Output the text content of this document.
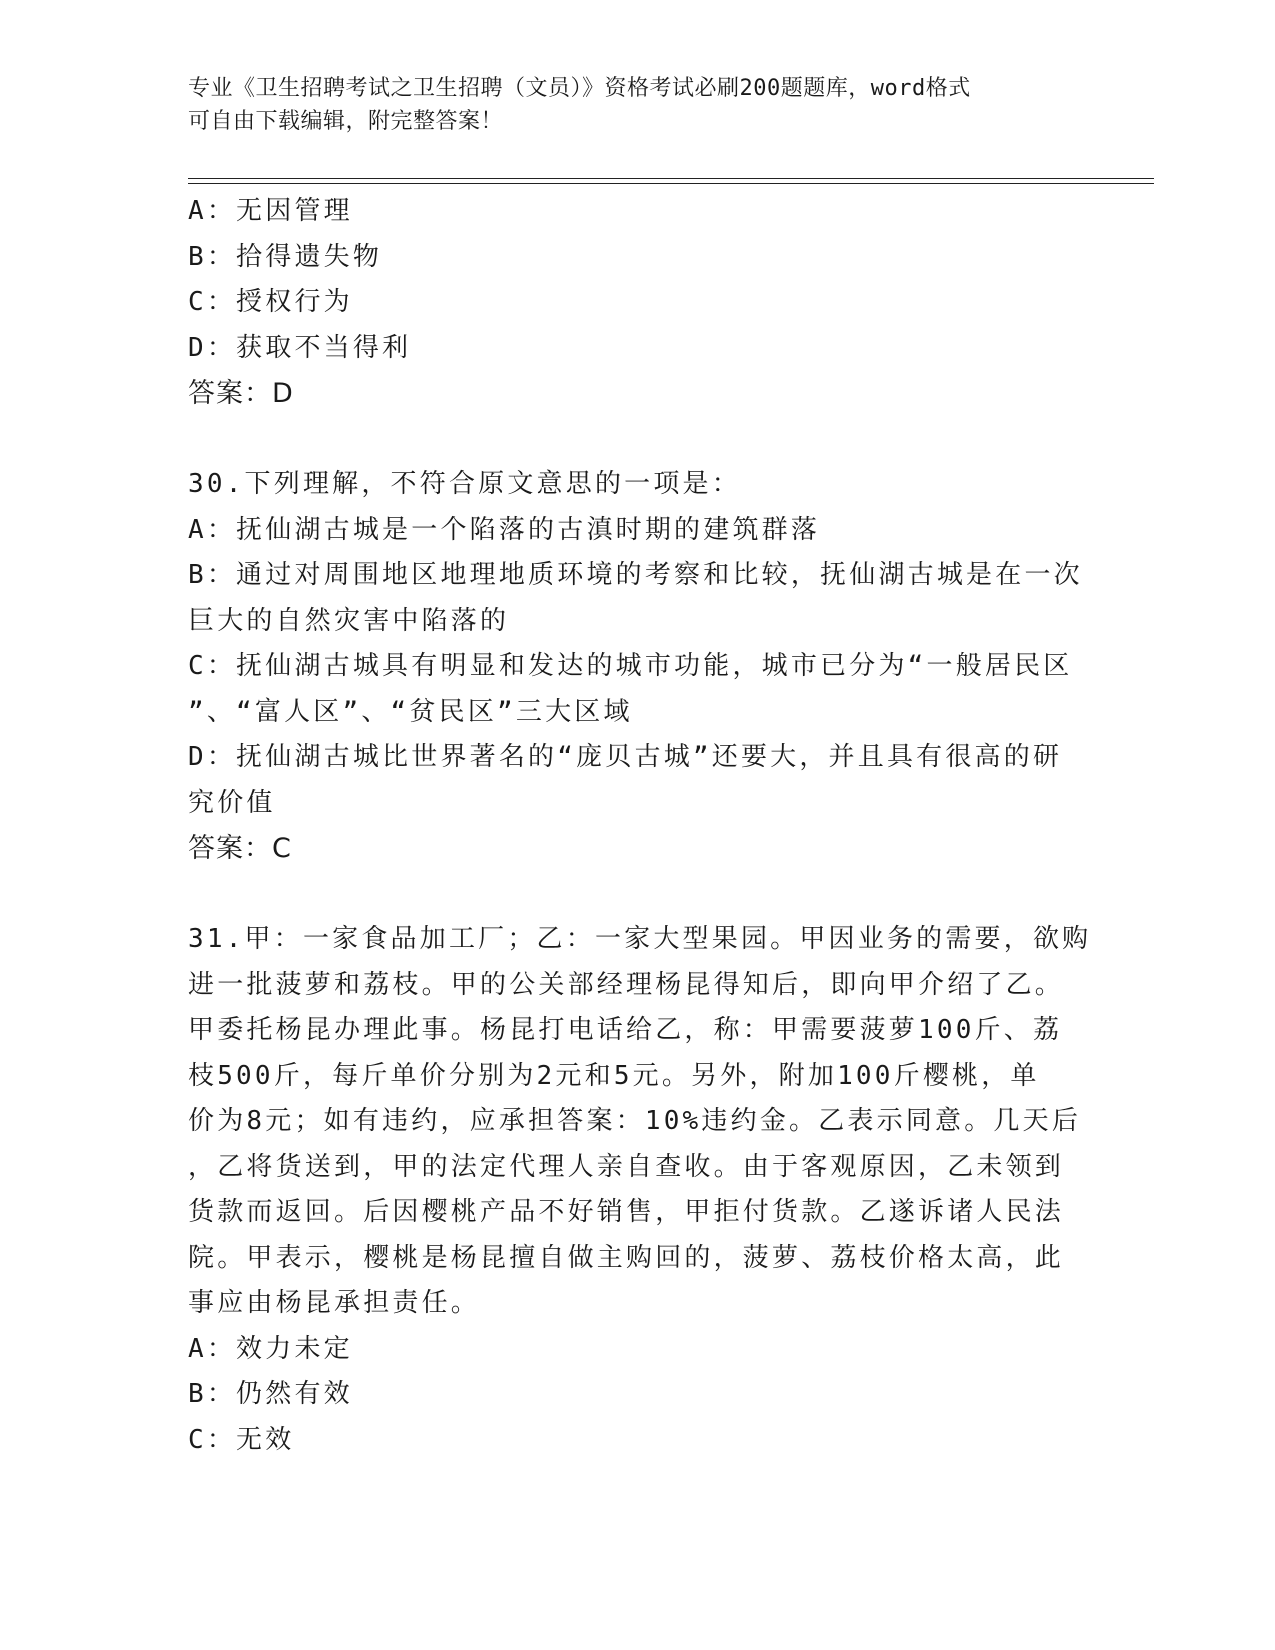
专业《卫生招聘考试之卫生招聘（文员）》资格考试必刷200题题库，word格式
可自由下载编辑，附完整答案！
A：无因管理
B：拾得遗失物
C：授权行为
D：获取不当得利
答案：D
30.下列理解，不符合原文意思的一项是：
A：抚仙湖古城是一个陷落的古滇时期的建筑群落
B：通过对周围地区地理地质环境的考察和比较，抚仙湖古城是在一次
巨大的自然灾害中陷落的
C：抚仙湖古城具有明显和发达的城市功能，城市已分为“一般居民区
”、“富人区”、“贫民区”三大区域
D：抚仙湖古城比世界著名的“庞贝古城”还要大，并且具有很高的研
究价值
答案：C
31.甲：一家食品加工厂；乙：一家大型果园。甲因业务的需要，欲购
进一批菠萝和荔枝。甲的公关部经理杨昆得知后，即向甲介绍了乙。
甲委托杨昆办理此事。杨昆打电话给乙，称：甲需要菠萝100斤、荔
枝500斤，每斤单价分别为2元和5元。另外，附加100斤樱桃，单
价为8元；如有违约，应承担答案：10%违约金。乙表示同意。几天后
，乙将货送到，甲的法定代理人亲自查收。由于客观原因，乙未领到
货款而返回。后因樱桃产品不好销售，甲拒付货款。乙遂诉诸人民法
院。甲表示，樱桃是杨昆擅自做主购回的，菠萝、荔枝价格太高，此
事应由杨昆承担责任。
A：效力未定
B：仍然有效
C：无效
